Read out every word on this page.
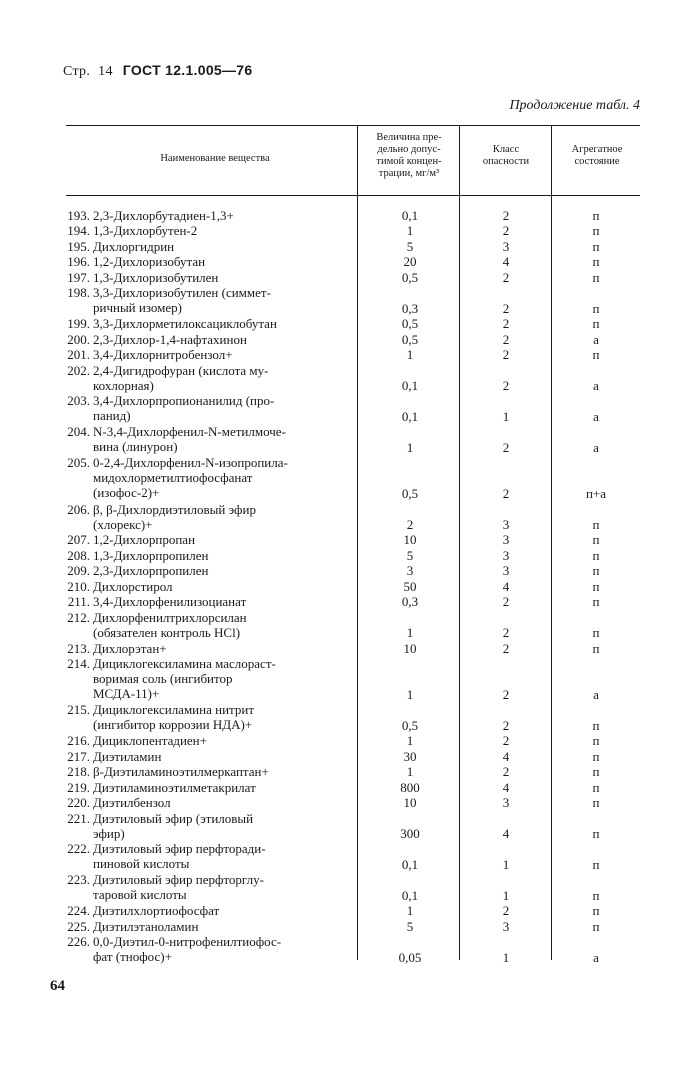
Стр. 14 ГОСТ 12.1.005—76
Продолжение табл. 4
Наименование вещества
Величина пре-
дельно допус-
тимой концен-
трации, мг/м³
Класс
опасности
Агрегатное
состояние
193. 2,3-Дихлорбутадиен-1,3+	0,1	2	п
194. 1,3-Дихлорбутен-2	1	2	п
195. Дихлоргидрин	5	3	п
196. 1,2-Дихлоризобутан	20	4	п
197. 1,3-Дихлоризобутилен	0,5	2	п
198. 3,3-Дихлоризобутилен (симмет-
ричный изомер)	0,3	2	п
199. 3,3-Дихлорметилоксациклобутан	0,5	2	п
200. 2,3-Дихлор-1,4-нафтахинон	0,5	2	а
201. 3,4-Дихлорнитробензол+	1	2	п
202. 2,4-Дигидрофуран (кислота му-
кохлорная)	0,1	2	а
203. 3,4-Дихлорпропионанилид (про-
панид)	0,1	1	а
204. N-3,4-Дихлорфенил-N-метилмоче-
вина (линурон)	1	2	а
205. 0-2,4-Дихлорфенил-N-изопропила-
мидохлорметилтиофосфанат
(изофос-2)+	0,5	2	п+а
206. β, β-Дихлордиэтиловый эфир
(хлорекс)+	2	3	п
207. 1,2-Дихлорпропан	10	3	п
208. 1,3-Дихлорпропилен	5	3	п
209. 2,3-Дихлорпропилен	3	3	п
210. Дихлорстирол	50	4	п
211. 3,4-Дихлорфенилизоцианат	0,3	2	п
212. Дихлорфенилтрихлорсилан
(обязателен контроль HCl)	1	2	п
213. Дихлорэтан+	10	2	п
214. Дициклогексиламина маслораст-
воримая соль (ингибитор
МСДА-11)+	1	2	а
215. Дициклогексиламина нитрит
(ингибитор коррозии НДА)+	0,5	2	п
216. Дициклопентадиен+	1	2	п
217. Диэтиламин	30	4	п
218. β-Диэтиламиноэтилмеркаптан+	1	2	п
219. Диэтиламиноэтилметакрилат	800	4	п
220. Диэтилбензол	10	3	п
221. Диэтиловый эфир (этиловый
эфир)	300	4	п
222. Диэтиловый эфир перфторади-
пиновой кислоты	0,1	1	п
223. Диэтиловый эфир перфторглу-
таровой кислоты	0,1	1	п
224. Диэтилхлортиофосфат	1	2	п
225. Диэтилэтаноламин	5	3	п
226. 0,0-Диэтил-0-нитрофенилтиофос-
фат (тнофос)+	0,05	1	а
64
